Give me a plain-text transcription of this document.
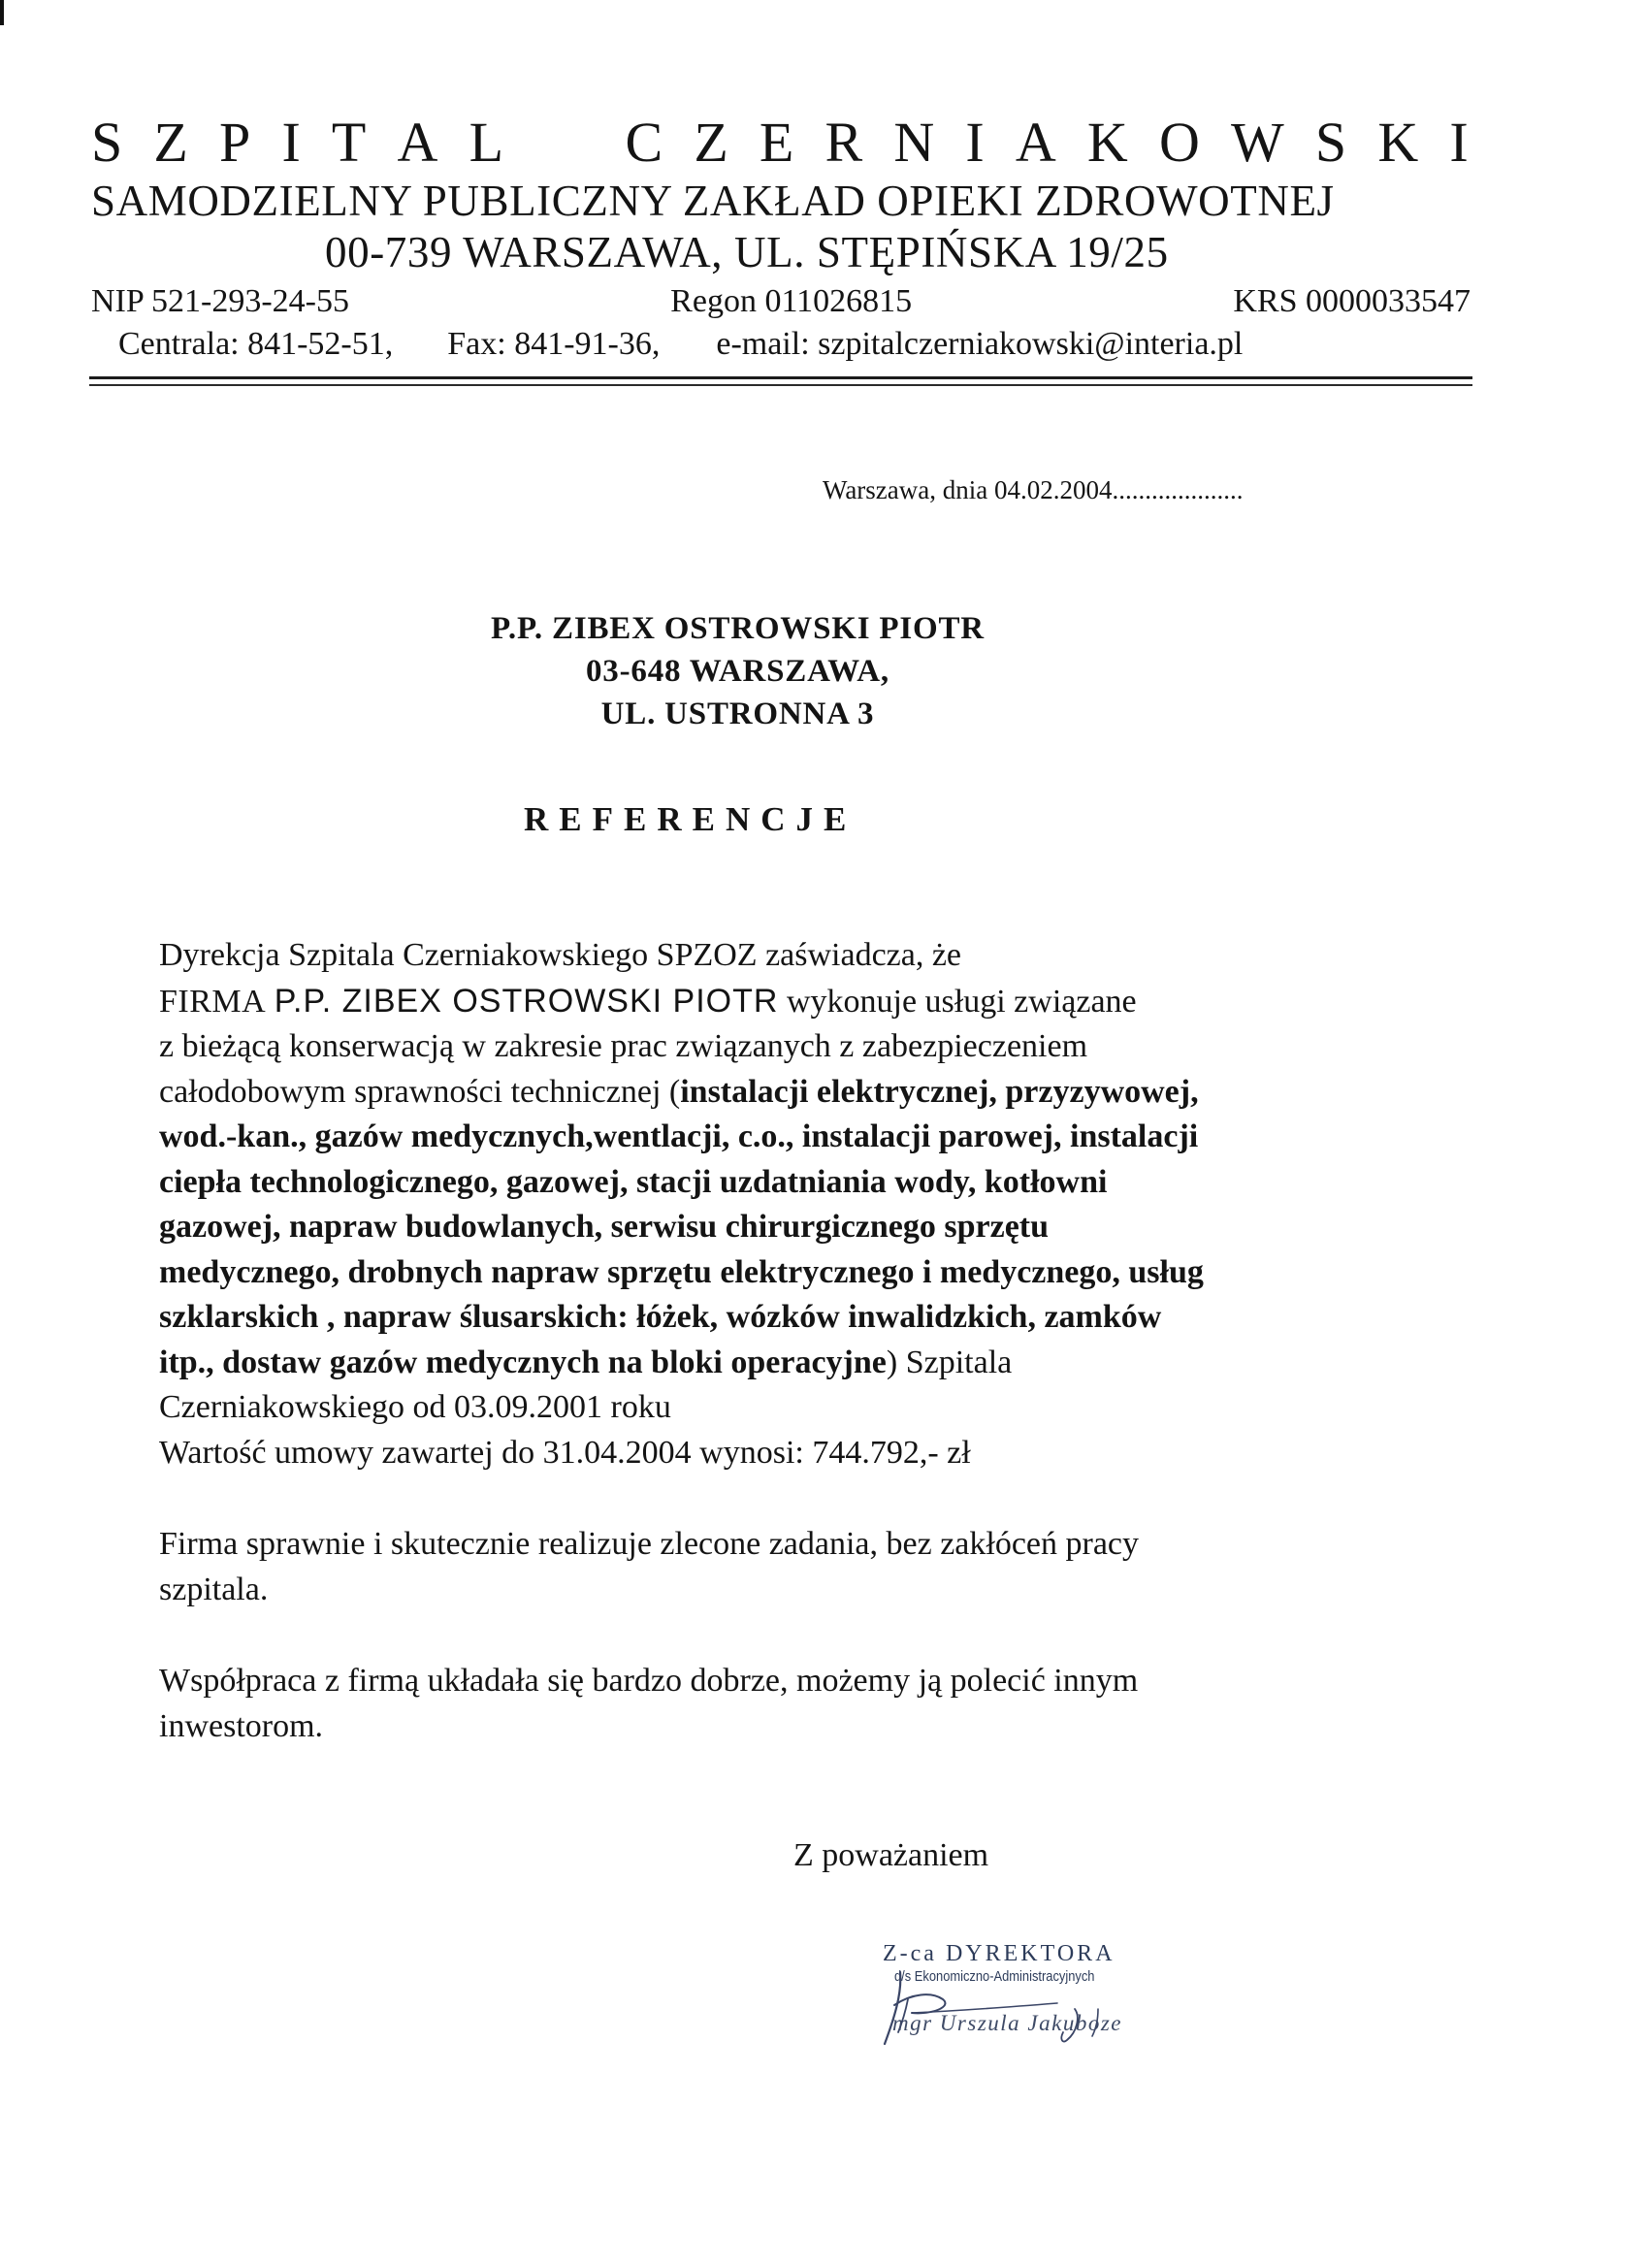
S Z P I T A L

C Z E R N I A K O W S K I
SAMODZIELNY PUBLICZNY ZAKŁAD OPIEKI ZDROWOTNEJ
00-739 WARSZAWA, UL. STĘPIŃSKA 19/25
NIP 521-293-24-55	Regon 011026815	KRS 0000033547
Centrala: 841-52-51, Fax: 841-91-36, e-mail: szpitalczerniakowski@interia.pl
Warszawa, dnia 04.02.2004....................
P.P. ZIBEX OSTROWSKI PIOTR
03-648 WARSZAWA,
UL. USTRONNA 3
REFERENCJE
Dyrekcja Szpitala Czerniakowskiego SPZOZ zaświadcza, że
FIRMA P.P. ZIBEX OSTROWSKI PIOTR wykonuje usługi związane
z bieżącą konserwacją w zakresie prac związanych z zabezpieczeniem
całodobowym sprawności technicznej (instalacji elektrycznej, przyzywowej,
wod.-kan., gazów medycznych,wentlacji, c.o., instalacji parowej, instalacji
ciepła technologicznego, gazowej, stacji uzdatniania wody, kotłowni
gazowej, napraw budowlanych, serwisu chirurgicznego sprzętu
medycznego, drobnych napraw sprzętu elektrycznego i medycznego, usług
szklarskich , napraw ślusarskich: łóżek, wózków inwalidzkich, zamków
itp., dostaw gazów medycznych na bloki operacyjne) Szpitala
Czerniakowskiego od 03.09.2001 roku
Wartość umowy zawartej do 31.04.2004 wynosi: 744.792,- zł
Firma sprawnie i skutecznie realizuje zlecone zadania, bez zakłóceń pracy
szpitala.
Współpraca z firmą układała się bardzo dobrze, możemy ją polecić innym
inwestorom.
Z poważaniem
Z-ca DYREKTORA
d/s Ekonomiczno-Administracyjnych
mgr Urszula Jakuboze
